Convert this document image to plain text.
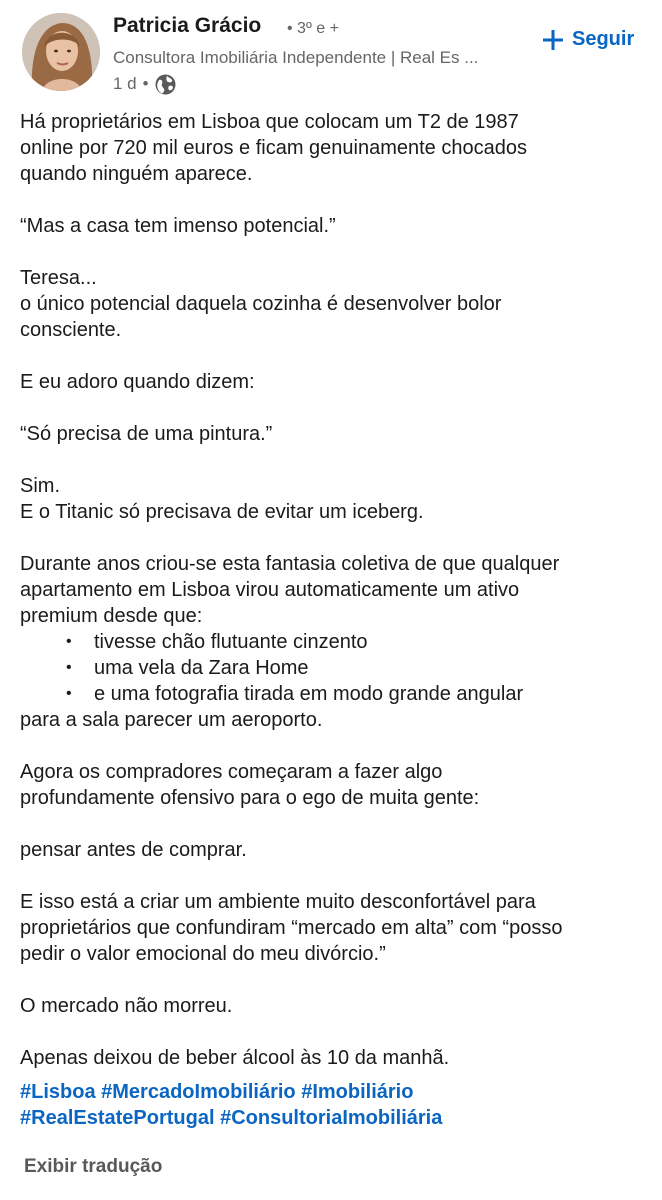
Patricia Grácio • 3º e +
Consultora Imobiliária Independente | Real Es ...
1 d •
Seguir
Há proprietários em Lisboa que colocam um T2 de 1987
online por 720 mil euros e ficam genuinamente chocados
quando ninguém aparece.
“Mas a casa tem imenso potencial.”
Teresa...
o único potencial daquela cozinha é desenvolver bolor
consciente.
E eu adoro quando dizem:
“Só precisa de uma pintura.”
Sim.
E o Titanic só precisava de evitar um iceberg.
Durante anos criou-se esta fantasia coletiva de que qualquer
apartamento em Lisboa virou automaticamente um ativo
premium desde que:
• tivesse chão flutuante cinzento
• uma vela da Zara Home
• e uma fotografia tirada em modo grande angular
para a sala parecer um aeroporto.
Agora os compradores começaram a fazer algo
profundamente ofensivo para o ego de muita gente:
pensar antes de comprar.
E isso está a criar um ambiente muito desconfortável para
proprietários que confundiram “mercado em alta” com “posso
pedir o valor emocional do meu divórcio.”
O mercado não morreu.
Apenas deixou de beber álcool às 10 da manhã.
#Lisboa #MercadoImobiliário #Imobiliário
#RealEstatePortugal #ConsultoriaImobiliária
Exibir tradução
